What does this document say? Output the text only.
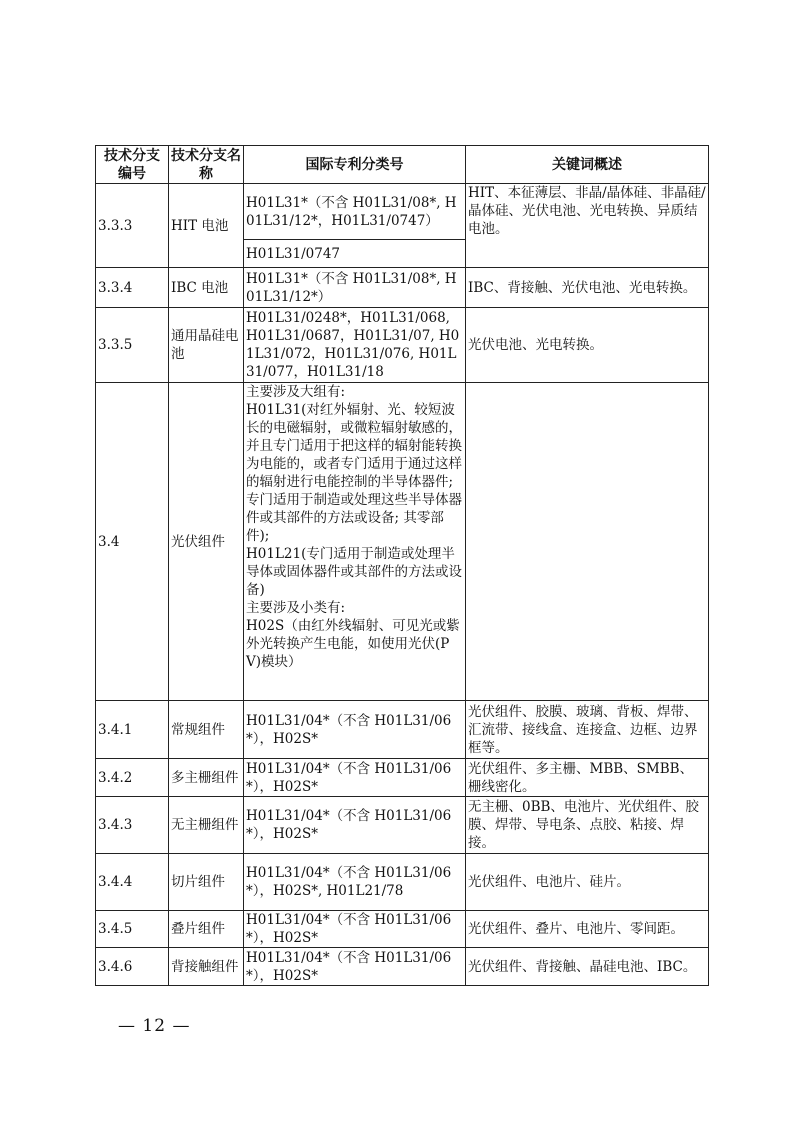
技术分支编号	技术分支名称	国际专利分类号	关键词概述
3.3.3	HIT 电池	H01L31*（不含 H01L31/08*, H01L31/12*，H01L31/0747）	HIT、本征薄层、非晶/晶体硅、非晶硅/晶体硅、光伏电池、光电转换、异质结电池。
		H01L31/0747	
3.3.4	IBC 电池	H01L31*（不含 H01L31/08*, H01L31/12*）	IBC、背接触、光伏电池、光电转换。
3.3.5	通用晶硅电池	H01L31/0248*，H01L31/068, H01L31/0687，H01L31/07, H01L31/072，H01L31/076, H01L31/077，H01L31/18	光伏电池、光电转换。
3.4	光伏组件	主要涉及大组有:
H01L31(对红外辐射、光、较短波长的电磁辐射，或微粒辐射敏感的，并且专门适用于把这样的辐射能转换为电能的，或者专门适用于通过这样的辐射进行电能控制的半导体器件; 专门适用于制造或处理这些半导体器件或其部件的方法或设备; 其零部件);
H01L21(专门适用于制造或处理半导体或固体器件或其部件的方法或设备)
主要涉及小类有:
H02S（由红外线辐射、可见光或紫外光转换产生电能，如使用光伏(PV)模块）	
3.4.1	常规组件	H01L31/04*（不含 H01L31/06*），H02S*	光伏组件、胶膜、玻璃、背板、焊带、汇流带、接线盒、连接盒、边框、边界框等。
3.4.2	多主栅组件	H01L31/04*（不含 H01L31/06*），H02S*	光伏组件、多主栅、MBB、SMBB、栅线密化。
3.4.3	无主栅组件	H01L31/04*（不含 H01L31/06*），H02S*	无主栅、0BB、电池片、光伏组件、胶膜、焊带、导电条、点胶、粘接、焊接。
3.4.4	切片组件	H01L31/04*（不含 H01L31/06*），H02S*, H01L21/78	光伏组件、电池片、硅片。
3.4.5	叠片组件	H01L31/04*（不含 H01L31/06*），H02S*	光伏组件、叠片、电池片、零间距。
3.4.6	背接触组件	H01L31/04*（不含 H01L31/06*），H02S*	光伏组件、背接触、晶硅电池、IBC。
— 12 —
